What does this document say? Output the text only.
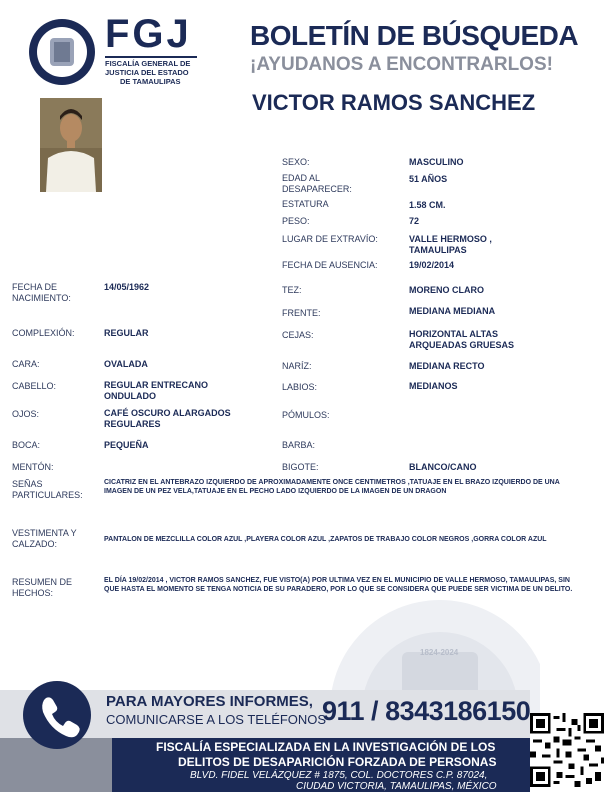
FGJ
FISCALÍA GENERAL DE
JUSTICIA DEL ESTADO
DE TAMAULIPAS
BOLETÍN DE BÚSQUEDA
¡AYUDANOS A ENCONTRARLOS!
VICTOR RAMOS SANCHEZ
SEXO:	MASCULINO
EDAD AL DESAPARECER:
51 AÑOS
ESTATURA	1.58 CM.
PESO:	72
LUGAR DE EXTRAVÍO:	VALLE HERMOSO , TAMAULIPAS
FECHA DE AUSENCIA:	19/02/2014
FECHA DE NACIMIENTO:
14/05/1962	TEZ:	MORENO CLARO
FRENTE:	MEDIANA MEDIANA
COMPLEXIÓN:	REGULAR	CEJAS:	HORIZONTAL ALTAS ARQUEADAS GRUESAS
CARA:	OVALADA	NARÍZ:	MEDIANA RECTO
CABELLO:	REGULAR ENTRECANO ONDULADO
LABIOS:	MEDIANOS
OJOS:	CAFÉ OSCURO ALARGADOS REGULARES
PÓMULOS:
BOCA:	PEQUEÑA	BARBA:
MENTÓN:	BIGOTE:	BLANCO/CANO
SEÑAS PARTICULARES:
CICATRIZ EN EL ANTEBRAZO IZQUIERDO DE APROXIMADAMENTE ONCE CENTIMETROS ,TATUAJE EN EL BRAZO IZQUIERDO DE UNA IMAGEN DE UN PEZ VELA,TATUAJE EN EL PECHO LADO IZQUIERDO DE LA IMAGEN DE UN DRAGON
VESTIMENTA Y CALZADO:	PANTALON DE MEZCLILLA COLOR AZUL ,PLAYERA COLOR AZUL ,ZAPATOS DE TRABAJO COLOR NEGROS ,GORRA COLOR AZUL
RESUMEN DE HECHOS:
EL DÍA 19/02/2014 , VICTOR RAMOS SANCHEZ, FUE VISTO(A) POR ULTIMA VEZ EN EL MUNICIPIO DE VALLE HERMOSO, TAMAULIPAS, SIN QUE HASTA EL MOMENTO SE TENGA NOTICIA DE SU PARADERO, POR LO QUE SE CONSIDERA QUE PUEDE SER VICTIMA DE UN DELITO.
1824-2024
PARA MAYORES INFORMES,
COMUNICARSE A LOS TELÉFONOS
911 / 8343186150
FISCALÍA ESPECIALIZADA EN LA INVESTIGACIÓN DE LOS
DELITOS DE DESAPARICIÓN FORZADA DE PERSONAS
BLVD. FIDEL VELÁZQUEZ # 1875, COL. DOCTORES C.P. 87024,
CIUDAD VICTORIA, TAMAULIPAS, MÉXICO
